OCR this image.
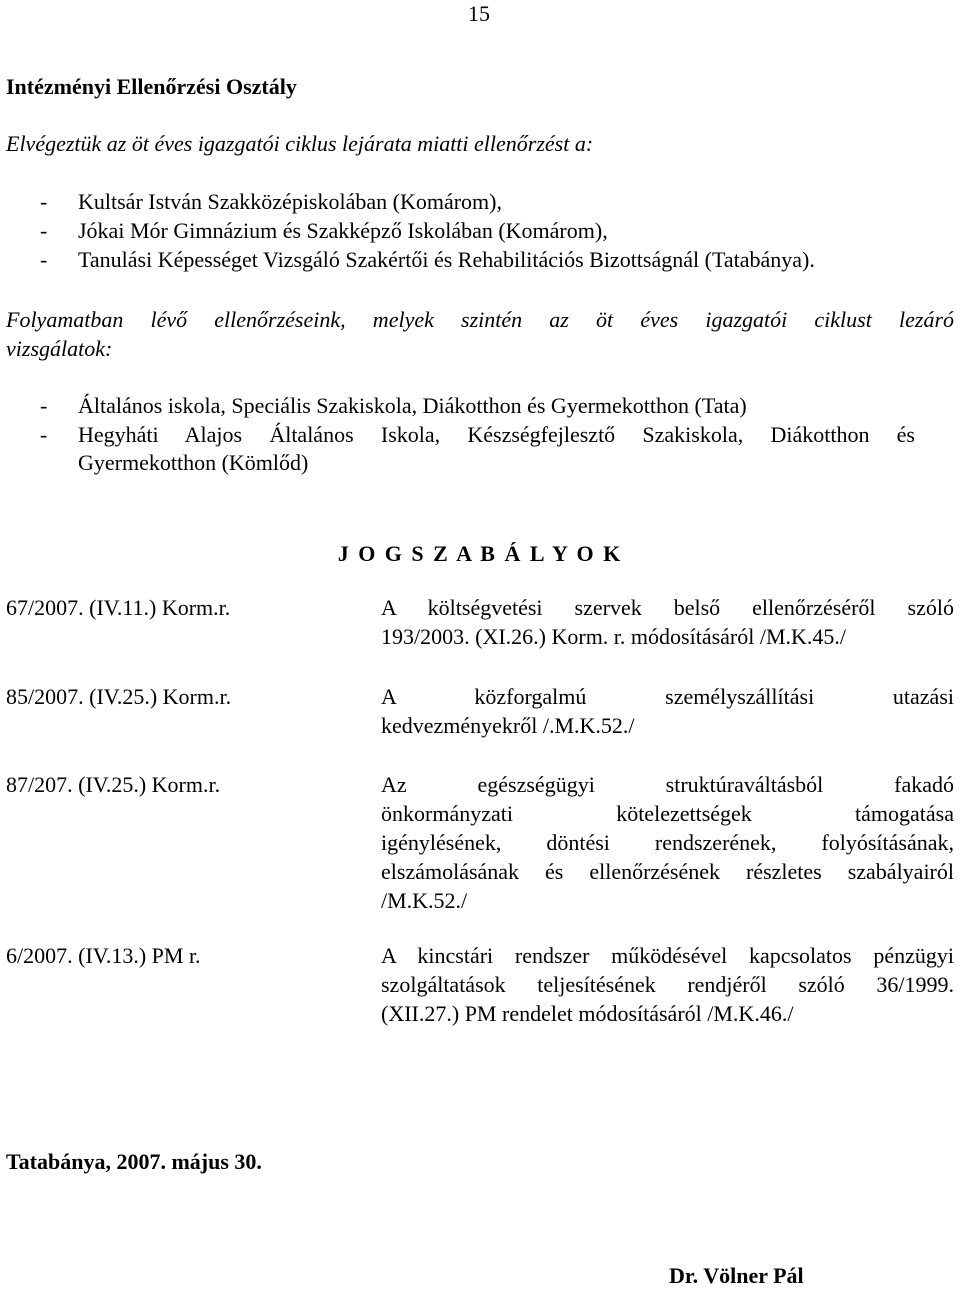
15
Intézményi Ellenőrzési Osztály
Elvégeztük az öt éves igazgatói ciklus lejárata miatti ellenőrzést a:
- Kultsár István Szakközépiskolában (Komárom),
- Jókai Mór Gimnázium és Szakképző Iskolában (Komárom),
- Tanulási Képességet Vizsgáló Szakértői és Rehabilitációs Bizottságnál (Tatabánya).
Folyamatban lévő ellenőrzéseink, melyek szintén az öt éves igazgatói ciklust lezáró
vizsgálatok:
- Általános iskola, Speciális Szakiskola, Diákotthon és Gyermekotthon (Tata)
- Hegyháti Alajos Általános Iskola, Készségfejlesztő Szakiskola, Diákotthon és
Gyermekotthon (Kömlőd)
J O G S Z A B Á L Y O K
67/2007. (IV.11.) Korm.r.	A költségvetési szervek belső ellenőrzéséről szóló
193/2003. (XI.26.) Korm. r. módosításáról /M.K.45./
85/2007. (IV.25.) Korm.r.	A közforgalmú személyszállítási utazási
kedvezményekről /.M.K.52./
87/207. (IV.25.) Korm.r.	Az egészségügyi struktúraváltásból fakadó
önkormányzati kötelezettségek támogatása
igénylésének, döntési rendszerének, folyósításának,
elszámolásának és ellenőrzésének részletes szabályairól
/M.K.52./
6/2007. (IV.13.) PM r.	A kincstári rendszer működésével kapcsolatos pénzügyi
szolgáltatások teljesítésének rendjéről szóló 36/1999.
(XII.27.) PM rendelet módosításáról /M.K.46./
Tatabánya, 2007. május 30.
Dr. Völner Pál
